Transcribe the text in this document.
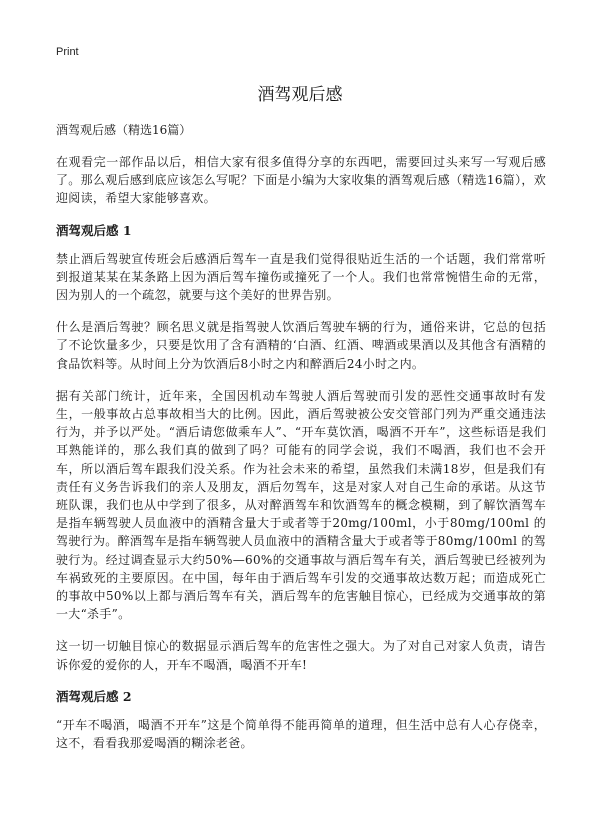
Print
酒驾观后感
酒驾观后感（精选16篇）

在观看完一部作品以后，相信大家有很多值得分享的东西吧，需要回过头来写一写观后感了。那么观后感到底应该怎么写呢？下面是小编为大家收集的酒驾观后感（精选16篇），欢迎阅读，希望大家能够喜欢。

酒驾观后感 1

禁止酒后驾驶宣传班会后感酒后驾车一直是我们觉得很贴近生活的一个话题，我们常常听到报道某某在某条路上因为酒后驾车撞伤或撞死了一个人。我们也常常惋惜生命的无常，因为别人的一个疏忽，就要与这个美好的世界告别。

什么是酒后驾驶？顾名思义就是指驾驶人饮酒后驾驶车辆的行为，通俗来讲，它总的包括了不论饮量多少，只要是饮用了含有酒精的‘白酒、红酒、啤酒或果酒以及其他含有酒精的食品饮料等。从时间上分为饮酒后8小时之内和醉酒后24小时之内。

据有关部门统计，近年来，全国因机动车驾驶人酒后驾驶而引发的恶性交通事故时有发生，一般事故占总事故相当大的比例。因此，酒后驾驶被公安交管部门列为严重交通违法行为，并予以严处。“酒后请您做乘车人”、“开车莫饮酒，喝酒不开车”，这些标语是我们耳熟能详的，那么我们真的做到了吗？可能有的同学会说，我们不喝酒，我们也不会开车，所以酒后驾车跟我们没关系。作为社会未来的希望，虽然我们未满18岁，但是我们有责任有义务告诉我们的亲人及朋友，酒后勿驾车，这是对家人对自己生命的承诺。从这节班队课，我们也从中学到了很多，从对醉酒驾车和饮酒驾车的概念模糊，到了解饮酒驾车是指车辆驾驶人员血液中的酒精含量大于或者等于20mg/100ml，小于80mg/100ml 的驾驶行为。醉酒驾车是指车辆驾驶人员血液中的酒精含量大于或者等于80mg/100ml 的驾驶行为。经过调查显示大约50%—60%的交通事故与酒后驾车有关，酒后驾驶已经被列为车祸致死的主要原因。在中国，每年由于酒后驾车引发的交通事故达数万起；而造成死亡的事故中50%以上都与酒后驾车有关，酒后驾车的危害触目惊心，已经成为交通事故的第一大“杀手”。

这一切一切触目惊心的数据显示酒后驾车的危害性之强大。为了对自己对家人负责，请告诉你爱的爱你的人，开车不喝酒，喝酒不开车!

酒驾观后感 2

“开车不喝酒，喝酒不开车”这是个简单得不能再简单的道理，但生活中总有人心存侥幸，这不，看看我那爱喝酒的糊涂老爸。
